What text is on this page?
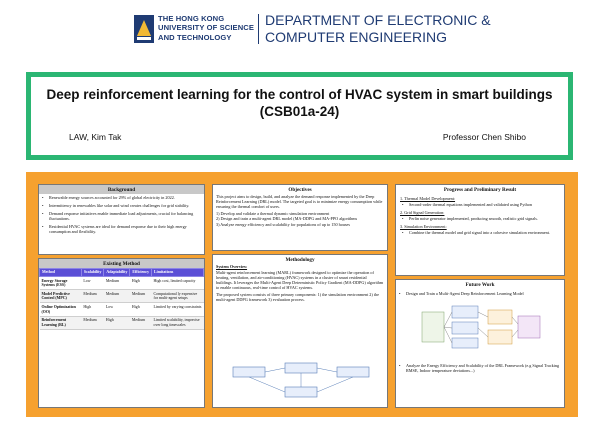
THE HONG KONG
UNIVERSITY OF SCIENCE
AND TECHNOLOGY
DEPARTMENT OF ELECTRONIC &
COMPUTER ENGINEERING
Deep reinforcement learning for the control of HVAC system in smart buildings
(CSB01a-24)
LAW, Kim Tak	Professor Chen Shibo
Background
• Renewable energy sources accounted for 29% of global electricity in 2022.
• Intermittency in renewables like solar and wind creates challenges for grid stability.
• Demand response initiatives enable immediate load adjustments, crucial for balancing fluctuations.
• Residential HVAC systems are ideal for demand response due to their high energy consumption and flexibility.
Existing Method
Method	Scalability	Adaptability	Efficiency	Limitations
Energy Storage Systems (ESS)	Low	Medium	High	High cost, limited capacity
Model Predictive Control (MPC)	Medium	Medium	Medium	Computational ly expensive for multi-agent setups
Online Optimization (OO)	High	Low	High	Limited by varying constraints
Reinforcement Learning (RL)	Medium	High	Medium	Limited scalability, imprecise over long timescales
Objectives
This project aims to design, build, and analyze the demand response implemented by the Deep Reinforcement Learning (DRL) model. The targeted goal is to minimize energy consumption while ensuring the thermal comfort of users.
1) Develop and validate a thermal dynamic simulation environment
2) Design and train a multi-agent DRL model (MA-DDPG and MA-PPO algorithms
3) Analyze energy efficiency and scalability for populations of up to 150 houses
Methodology
System Overview
Multi-agent reinforcement learning (MARL) framework designed to optimize the operation of heating, ventilation, and air-conditioning (HVAC) systems in a cluster of smart residential buildings. It leverages the Multi-Agent Deep Deterministic Policy Gradient (MA-DDPG) algorithm to enable continuous, real-time control of HVAC systems.
The proposed system consists of three primary components: 1) the simulation environment 2) the multi-agent DDPG framework 3) evaluation process.
Progress and Preliminary Result
1. Thermal Model Development:
• Second-order thermal equations implemented and validated using Python
2. Grid Signal Generation:
• Perlin noise generator implemented, producing smooth, realistic grid signals.
3. Simulation Environment:
• Combine the thermal model and grid signal into a cohesive simulation environment.
Future Work
• Design and Train a Multi-Agent Deep Reinforcement Learning Model
• Analyze the Energy Efficiency and Scalability of the DRL Framework (e.g Signal Tracking RMSE, Indoor temperature deviations...)
